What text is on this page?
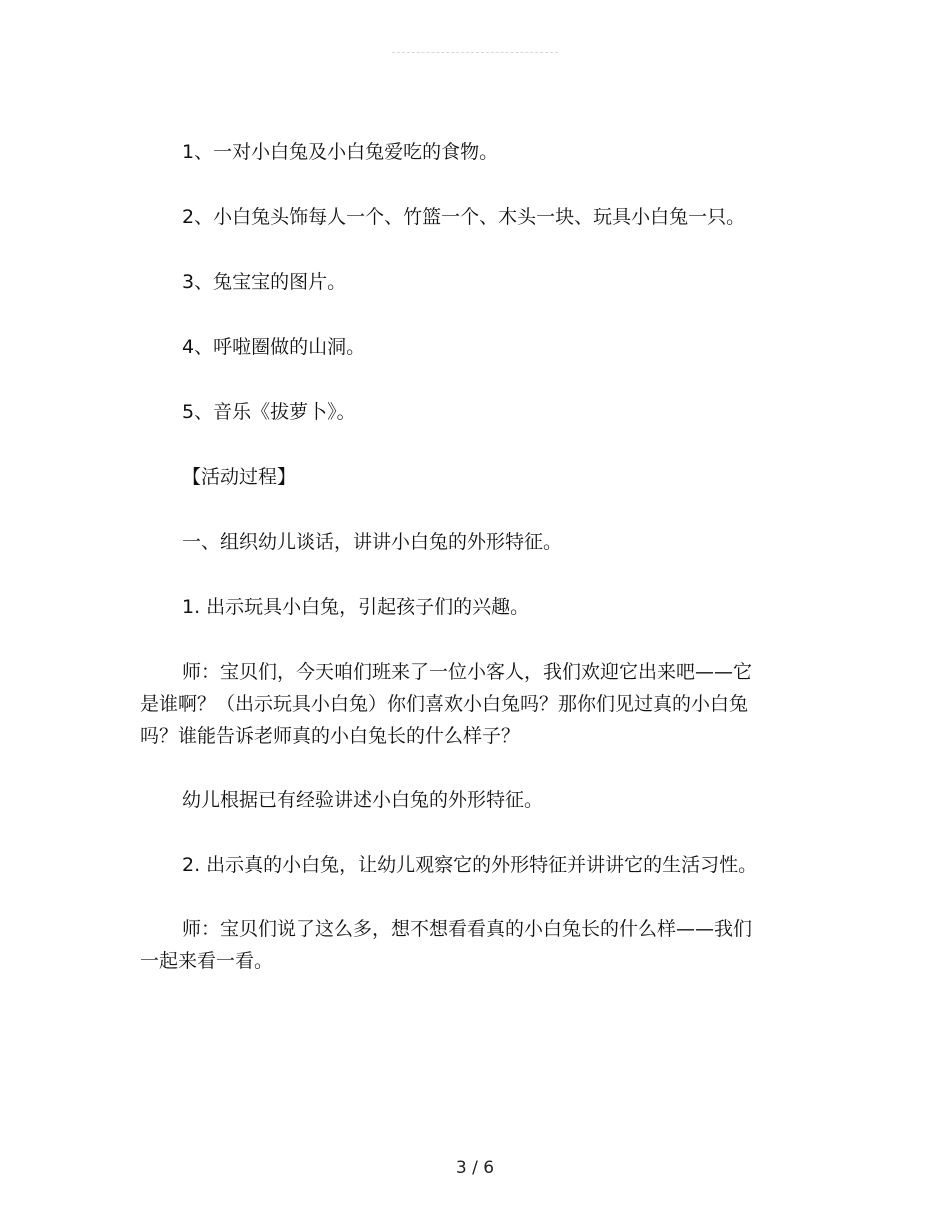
1、一对小白兔及小白兔爱吃的食物。

2、小白兔头饰每人一个、竹篮一个、木头一块、玩具小白兔一只。

3、兔宝宝的图片。

4、呼啦圈做的山洞。

5、音乐《拔萝卜》。

【活动过程】

一、组织幼儿谈话，讲讲小白兔的外形特征。

1. 出示玩具小白兔，引起孩子们的兴趣。

师：宝贝们，今天咱们班来了一位小客人，我们欢迎它出来吧——它是谁啊？（出示玩具小白兔）你们喜欢小白兔吗？那你们见过真的小白兔吗？谁能告诉老师真的小白兔长的什么样子？

幼儿根据已有经验讲述小白兔的外形特征。

2. 出示真的小白兔，让幼儿观察它的外形特征并讲讲它的生活习性。

师：宝贝们说了这么多，想不想看看真的小白兔长的什么样——我们一起来看一看。

3 / 6
